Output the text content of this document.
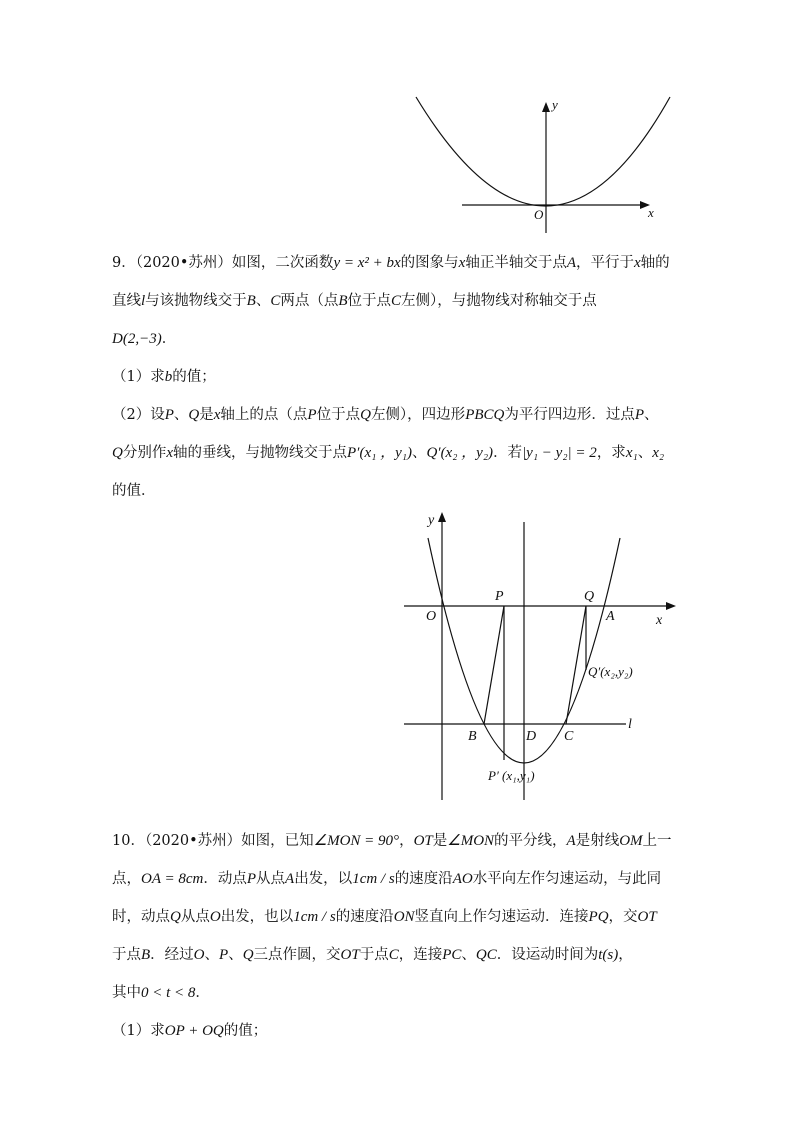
y
x
O
9．（2020•苏州）如图，二次函数y = x² + bx的图象与x轴正半轴交于点A，平行于x轴的
直线l与该抛物线交于B、C两点（点B位于点C左侧），与抛物线对称轴交于点
D(2,−3)．
（1）求b的值；
（2）设P、Q是x轴上的点（点P位于点Q左侧），四边形PBCQ为平行四边形．过点P、
Q分别作x轴的垂线，与抛物线交于点P′(x₁ ，y₁)、Q′(x₂ ，y₂)．若|y₁ − y₂| = 2，求x₁、x₂
的值．
y
x
O
P	Q
A
Q′(x₂,y₂)
l
B	D C
P′ (x₁,y₁)
10．（2020•苏州）如图，已知∠MON = 90°，OT是∠MON的平分线，A是射线OM上一
点，OA = 8cm．动点P从点A出发，以1cm / s的速度沿AO水平向左作匀速运动，与此同
时，动点Q从点O出发，也以1cm / s的速度沿ON竖直向上作匀速运动．连接PQ，交OT
于点B．经过O、P、Q三点作圆，交OT于点C，连接PC、QC．设运动时间为t(s)，
其中0 < t < 8．
（1）求OP + OQ的值；
